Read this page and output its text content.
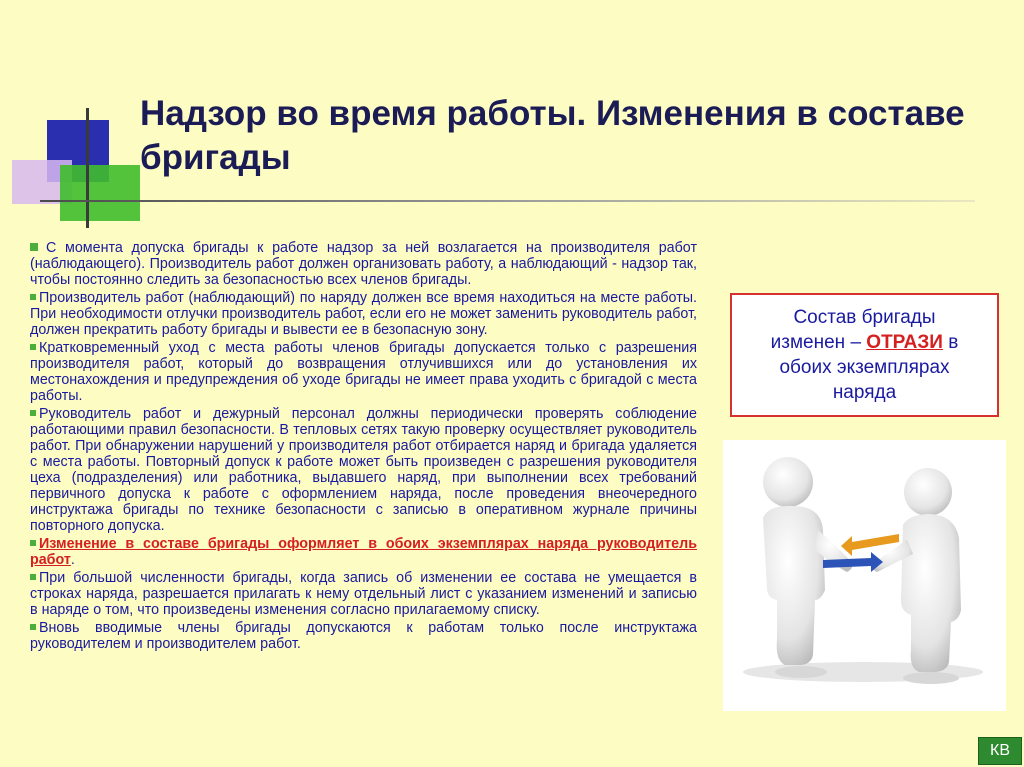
Надзор во время работы. Изменения в составе бригады

С момента допуска бригады к работе надзор за ней возлагается на производителя работ (наблюдающего). Производитель работ должен организовать работу, а наблюдающий - надзор так, чтобы постоянно следить за безопасностью всех членов бригады.

Производитель работ (наблюдающий) по наряду должен все время находиться на месте работы. При необходимости отлучки производитель работ, если его не может заменить руководитель работ, должен прекратить работу бригады и вывести ее в безопасную зону.

Кратковременный уход с места работы членов бригады допускается только с разрешения производителя работ, который до возвращения отлучившихся или до установления их местонахождения и предупреждения об уходе бригады не имеет права уходить с бригадой с места работы.

Руководитель работ и дежурный персонал должны периодически проверять соблюдение работающими правил безопасности. В тепловых сетях такую проверку осуществляет руководитель работ. При обнаружении нарушений у производителя работ отбирается наряд и бригада удаляется с места работы. Повторный допуск к работе может быть произведен с разрешения руководителя цеха (подразделения) или работника, выдавшего наряд, при выполнении всех требований первичного допуска к работе с оформлением наряда, после проведения внеочередного инструктажа бригады по технике безопасности с записью в оперативном журнале причины повторного допуска.

Изменение в составе бригады оформляет в обоих экземплярах наряда руководитель работ.

При большой численности бригады, когда запись об изменении ее состава не умещается в строках наряда, разрешается прилагать к нему отдельный лист с указанием изменений и записью в наряде о том, что произведены изменения согласно прилагаемому списку.

Вновь вводимые члены бригады допускаются к работам только после инструктажа руководителем и производителем работ.

Состав бригады
изменен – ОТРАЗИ в
обоих экземплярах
наряда
КВ
